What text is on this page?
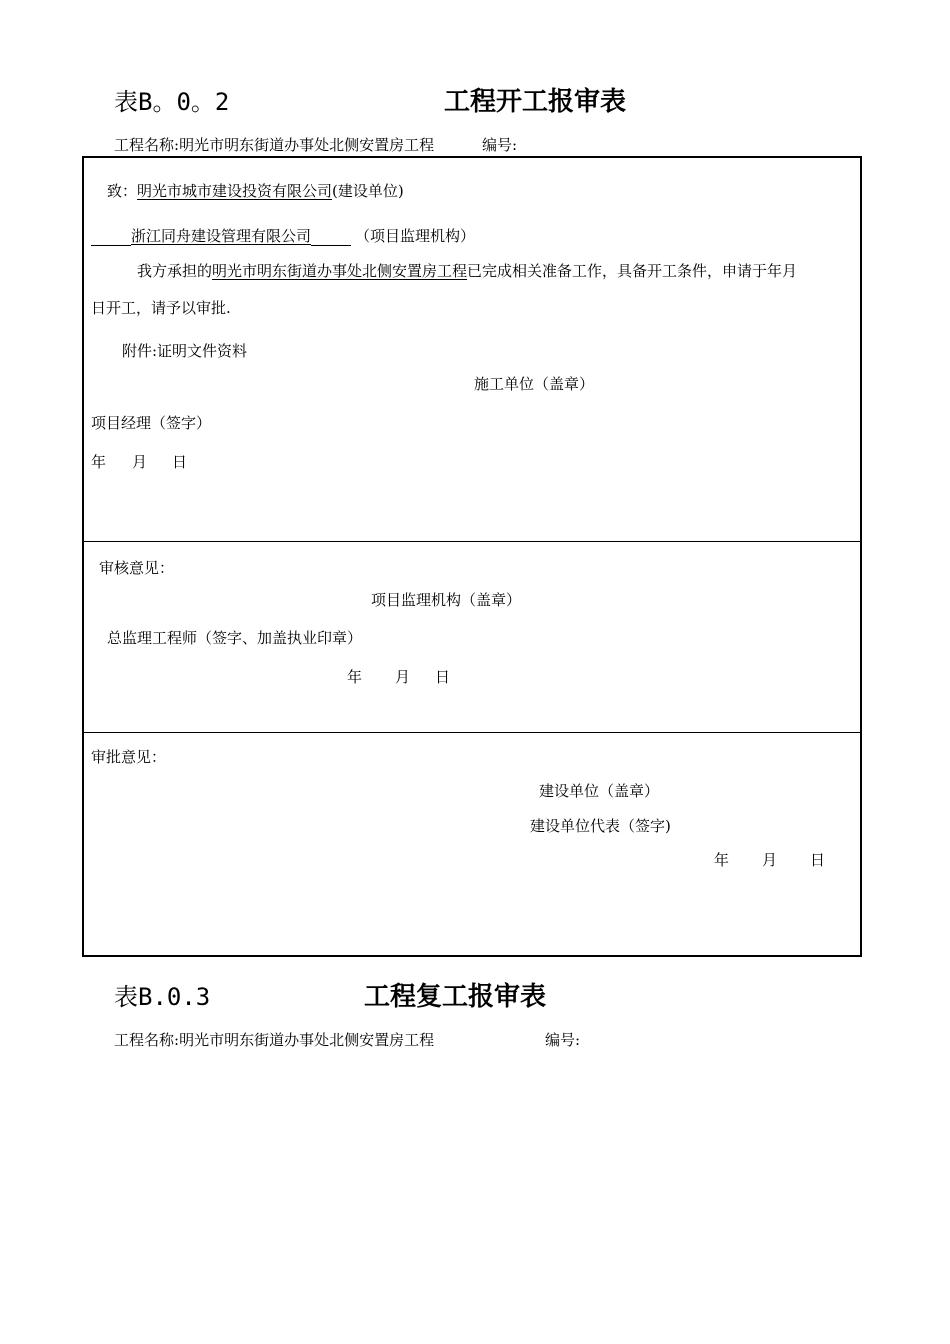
表B。0。2	工程开工报审表
工程名称:明光市明东街道办事处北侧安置房工程	编号:
致：明光市城市建设投资有限公司(建设单位)
浙江同舟建设管理有限公司	（项目监理机构）
我方承担的明光市明东街道办事处北侧安置房工程已完成相关准备工作，具备开工条件，申请于年月
日开工，请予以审批.
附件:证明文件资料
施工单位（盖章）
项目经理（签字）
年 月 日
审核意见：
项目监理机构（盖章）
总监理工程师（签字、加盖执业印章）
年 月 日
审批意见：
建设单位（盖章）
建设单位代表（签字)
年 月 日
表B.0.3	工程复工报审表
工程名称:明光市明东街道办事处北侧安置房工程	编号:
